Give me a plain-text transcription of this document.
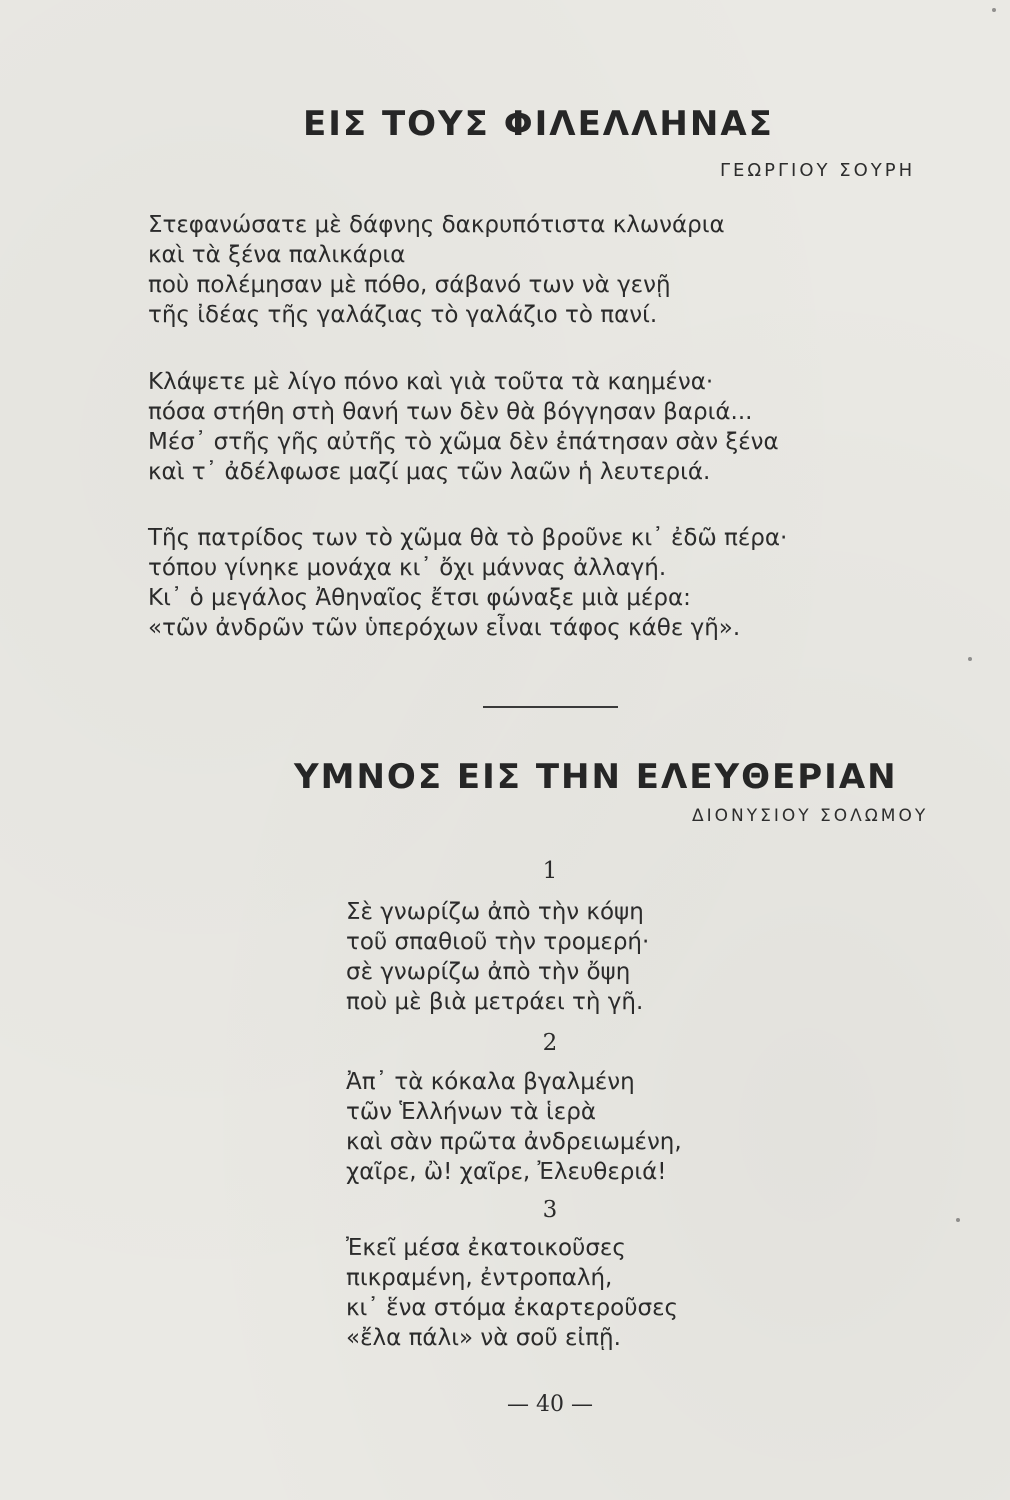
ΕΙΣ ΤΟΥΣ ΦΙΛΕΛΛΗΝΑΣ
ΓΕΩΡΓΙΟΥ ΣΟΥΡΗ
Στεφανώσατε μὲ δάφνης δακρυπότιστα κλωνάρια
καὶ τὰ ξένα παλικάρια
ποὺ πολέμησαν μὲ πόθο, σάβανό των νὰ γενῇ
τῆς ἰδέας τῆς γαλάζιας τὸ γαλάζιο τὸ πανί.
Κλάψετε μὲ λίγο πόνο καὶ γιὰ τοῦτα τὰ καημένα·
πόσα στήθη στὴ θανή των δὲν θὰ βόγγησαν βαριά...
Μέσ᾽ στῆς γῆς αὐτῆς τὸ χῶμα δὲν ἐπάτησαν σὰν ξένα
καὶ τ᾽ ἀδέλφωσε μαζί μας τῶν λαῶν ἡ λευτεριά.
Τῆς πατρίδος των τὸ χῶμα θὰ τὸ βροῦνε κι᾽ ἐδῶ πέρα·
τόπου γίνηκε μονάχα κι᾽ ὄχι μάννας ἀλλαγή.
Κι᾽ ὁ μεγάλος Ἀθηναῖος ἔτσι φώναξε μιὰ μέρα:
«τῶν ἀνδρῶν τῶν ὑπερόχων εἶναι τάφος κάθε γῆ».
ΥΜΝΟΣ ΕΙΣ ΤΗΝ ΕΛΕΥΘΕΡΙΑΝ
ΔΙΟΝΥΣΙΟΥ ΣΟΛΩΜΟΥ
1
Σὲ γνωρίζω ἀπὸ τὴν κόψη
τοῦ σπαθιοῦ τὴν τρομερή·
σὲ γνωρίζω ἀπὸ τὴν ὄψη
ποὺ μὲ βιὰ μετράει τὴ γῆ.
2
Ἀπ᾽ τὰ κόκαλα βγαλμένη
τῶν Ἑλλήνων τὰ ἱερὰ
καὶ σὰν πρῶτα ἀνδρειωμένη,
χαῖρε, ὢ! χαῖρε, Ἐλευθεριά!
3
Ἐκεῖ μέσα ἐκατοικοῦσες
πικραμένη, ἐντροπαλή,
κι᾽ ἕνα στόμα ἐκαρτεροῦσες
«ἔλα πάλι» νὰ σοῦ εἰπῇ.
— 40 —
